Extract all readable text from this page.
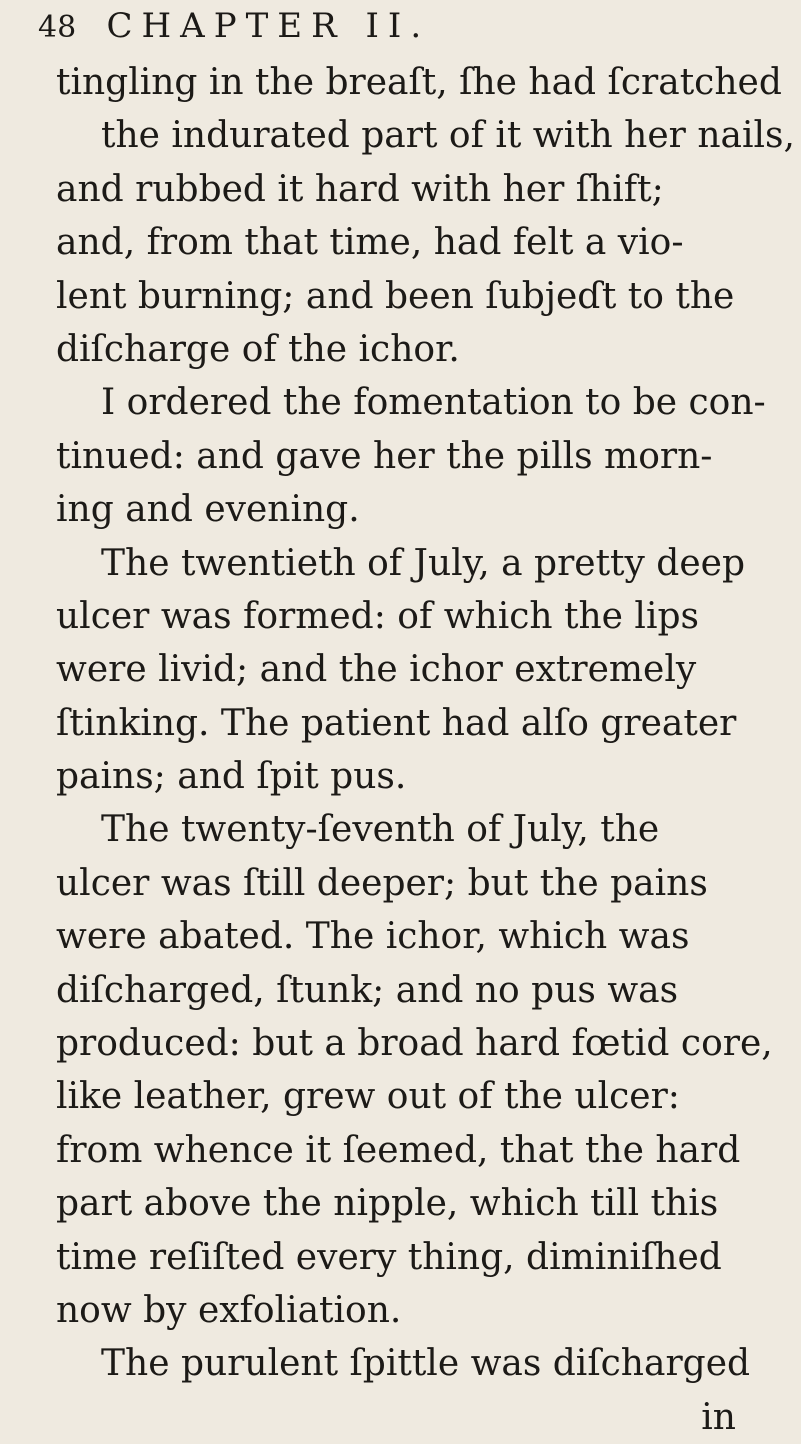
48 CHAPTER II.
tingling in the breaſt, ſhe had ſcratched
the indurated part of it with her nails,
and rubbed it hard with her ſhift;
and, from that time, had felt a vio-
lent burning; and been ſubjeɗt to the
diſcharge of the ichor.
I ordered the fomentation to be con-
tinued: and gave her the pills morn-
ing and evening.
The twentieth of July, a pretty deep
ulcer was formed: of which the lips
were livid; and the ichor extremely
ſtinking. The patient had alſo greater
pains; and ſpit pus.
The twenty-ſeventh of July, the
ulcer was ſtill deeper; but the pains
were abated. The ichor, which was
diſcharged, ſtunk; and no pus was
produced: but a broad hard fœtid core,
like leather, grew out of the ulcer:
from whence it ſeemed, that the hard
part above the nipple, which till this
time reſiſted every thing, diminiſhed
now by exfoliation.
The purulent ſpittle was diſcharged
in
